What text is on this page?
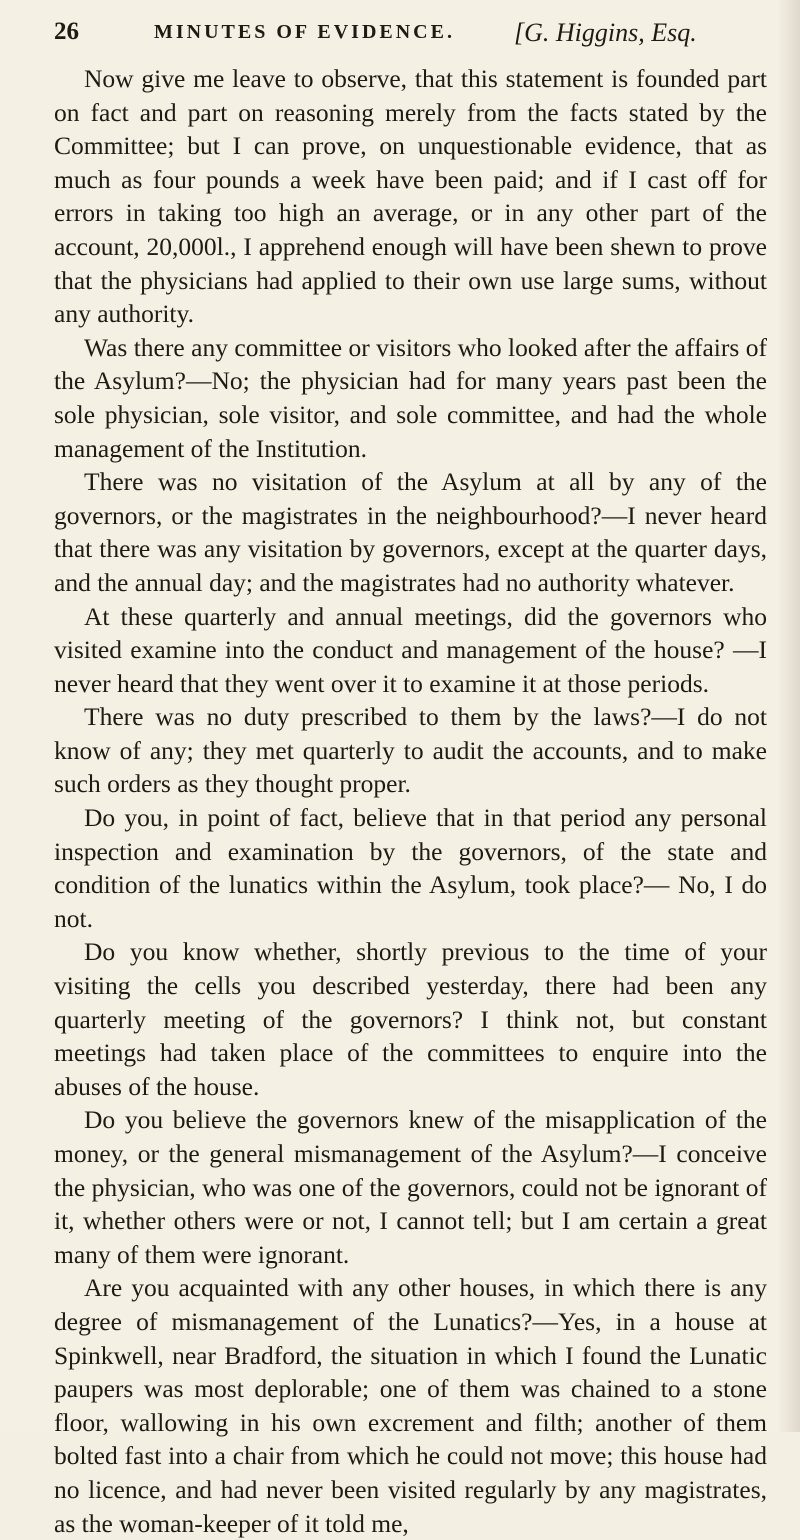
26	MINUTES OF EVIDENCE. [G. Higgins, Esq.

Now give me leave to observe, that this statement is founded part on fact and part on reasoning merely from the facts stated by the Committee; but I can prove, on unquestionable evidence, that as much as four pounds a week have been paid; and if I cast off for errors in taking too high an average, or in any other part of the account, 20,000l., I apprehend enough will have been shewn to prove that the physicians had applied to their own use large sums, without any authority.

Was there any committee or visitors who looked after the affairs of the Asylum?—No; the physician had for many years past been the sole physician, sole visitor, and sole committee, and had the whole management of the Institution.

There was no visitation of the Asylum at all by any of the governors, or the magistrates in the neighbourhood?—I never heard that there was any visitation by governors, except at the quarter days, and the annual day; and the magistrates had no authority whatever.

At these quarterly and annual meetings, did the governors who visited examine into the conduct and management of the house? —I never heard that they went over it to examine it at those periods.

There was no duty prescribed to them by the laws?—I do not know of any; they met quarterly to audit the accounts, and to make such orders as they thought proper.

Do you, in point of fact, believe that in that period any personal inspection and examination by the governors, of the state and condition of the lunatics within the Asylum, took place?— No, I do not.

Do you know whether, shortly previous to the time of your visiting the cells you described yesterday, there had been any quarterly meeting of the governors? I think not, but constant meetings had taken place of the committees to enquire into the abuses of the house.

Do you believe the governors knew of the misapplication of the money, or the general mismanagement of the Asylum?—I conceive the physician, who was one of the governors, could not be ignorant of it, whether others were or not, I cannot tell; but I am certain a great many of them were ignorant.

Are you acquainted with any other houses, in which there is any degree of mismanagement of the Lunatics?—Yes, in a house at Spinkwell, near Bradford, the situation in which I found the Lunatic paupers was most deplorable; one of them was chained to a stone floor, wallowing in his own excrement and filth; another of them bolted fast into a chair from which he could not move; this house had no licence, and had never been visited regularly by any magistrates, as the woman-keeper of it told me,
